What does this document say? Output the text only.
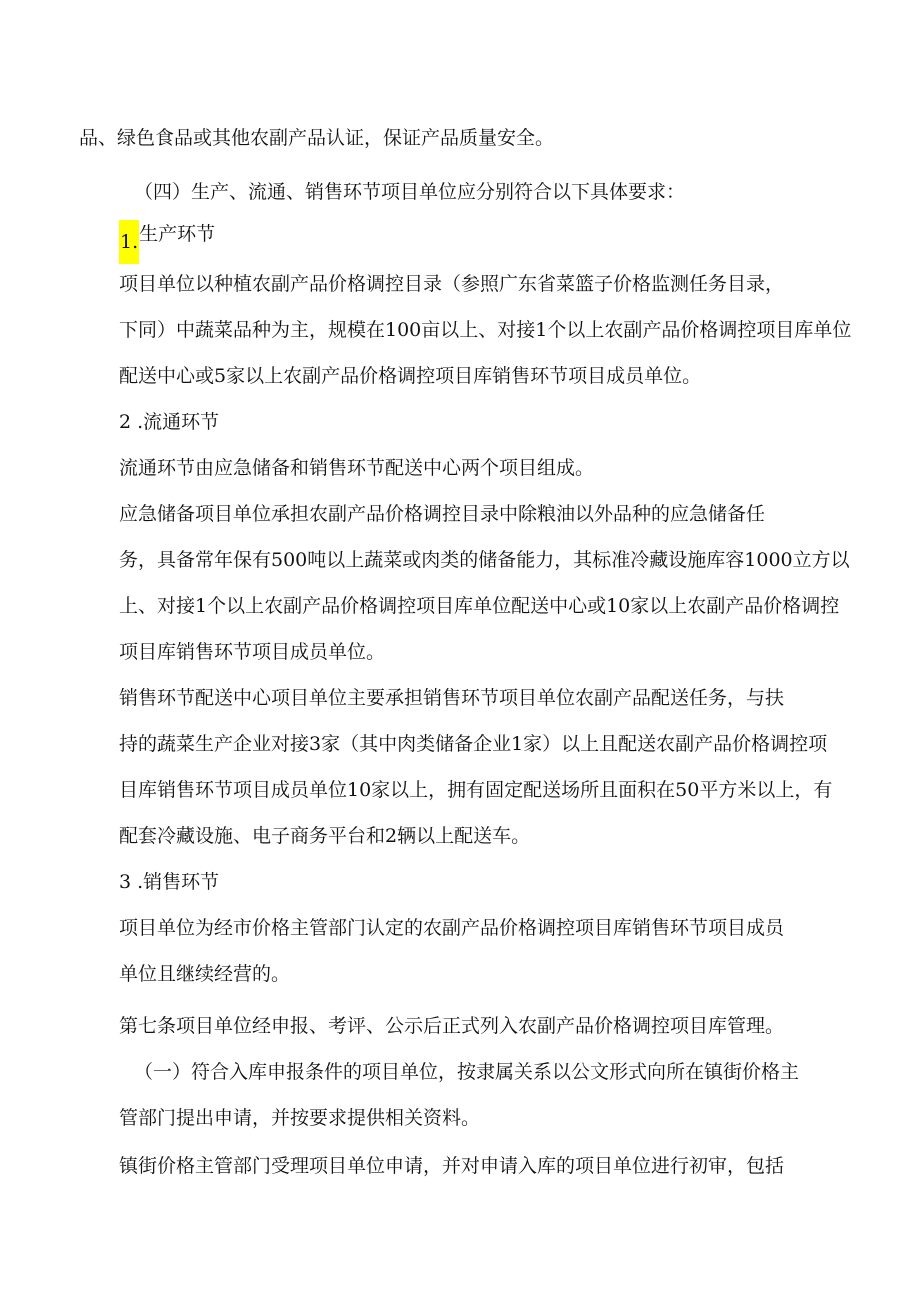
品、绿色食品或其他农副产品认证，保证产品质量安全。
（四）生产、流通、销售环节项目单位应分别符合以下具体要求：
1.生产环节
项目单位以种植农副产品价格调控目录（参照广东省菜篮子价格监测任务目录，
下同）中蔬菜品种为主，规模在100亩以上、对接1个以上农副产品价格调控项目库单位
配送中心或5家以上农副产品价格调控项目库销售环节项目成员单位。
2 .流通环节
流通环节由应急储备和销售环节配送中心两个项目组成。
应急储备项目单位承担农副产品价格调控目录中除粮油以外品种的应急储备任
务，具备常年保有500吨以上蔬菜或肉类的储备能力，其标准冷藏设施库容1000立方以
上、对接1个以上农副产品价格调控项目库单位配送中心或10家以上农副产品价格调控
项目库销售环节项目成员单位。
销售环节配送中心项目单位主要承担销售环节项目单位农副产品配送任务，与扶
持的蔬菜生产企业对接3家（其中肉类储备企业1家）以上且配送农副产品价格调控项
目库销售环节项目成员单位10家以上，拥有固定配送场所且面积在50平方米以上，有
配套冷藏设施、电子商务平台和2辆以上配送车。
3 .销售环节
项目单位为经市价格主管部门认定的农副产品价格调控项目库销售环节项目成员
单位且继续经营的。
第七条项目单位经申报、考评、公示后正式列入农副产品价格调控项目库管理。
（一）符合入库申报条件的项目单位，按隶属关系以公文形式向所在镇街价格主
管部门提出申请，并按要求提供相关资料。
镇街价格主管部门受理项目单位申请，并对申请入库的项目单位进行初审，包括
